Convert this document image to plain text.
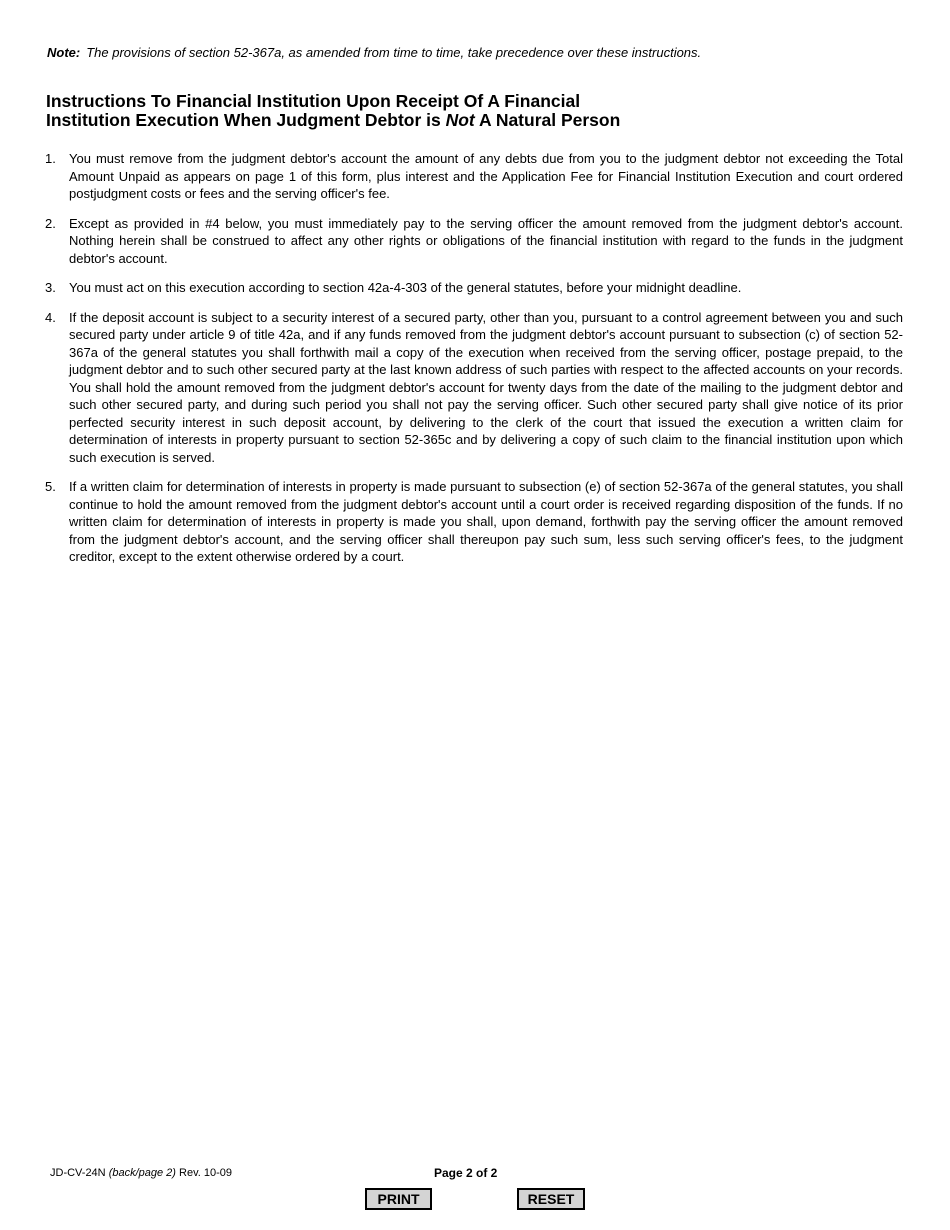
Note: The provisions of section 52-367a, as amended from time to time, take precedence over these instructions.
Instructions To Financial Institution Upon Receipt Of A Financial
Institution Execution When Judgment Debtor is Not A Natural Person
1.	You must remove from the judgment debtor's account the amount of any debts due from you to the judgment debtor not exceeding the Total Amount Unpaid as appears on page 1 of this form, plus interest and the Application Fee for Financial Institution Execution and court ordered postjudgment costs or fees and the serving officer's fee.
2.	Except as provided in #4 below, you must immediately pay to the serving officer the amount removed from the judgment debtor's account. Nothing herein shall be construed to affect any other rights or obligations of the financial institution with regard to the funds in the judgment debtor's account.
3.	You must act on this execution according to section 42a-4-303 of the general statutes, before your midnight deadline.
4.	If the deposit account is subject to a security interest of a secured party, other than you, pursuant to a control agreement between you and such secured party under article 9 of title 42a, and if any funds removed from the judgment debtor's account pursuant to subsection (c) of section 52-367a of the general statutes you shall forthwith mail a copy of the execution when received from the serving officer, postage prepaid, to the judgment debtor and to such other secured party at the last known address of such parties with respect to the affected accounts on your records. You shall hold the amount removed from the judgment debtor's account for twenty days from the date of the mailing to the judgment debtor and such other secured party, and during such period you shall not pay the serving officer. Such other secured party shall give notice of its prior perfected security interest in such deposit account, by delivering to the clerk of the court that issued the execution a written claim for determination of interests in property pursuant to section 52-365c and by delivering a copy of such claim to the financial institution upon which such execution is served.
5.	If a written claim for determination of interests in property is made pursuant to subsection (e) of section 52-367a of the general statutes, you shall continue to hold the amount removed from the judgment debtor's account until a court order is received regarding disposition of the funds. If no written claim for determination of interests in property is made you shall, upon demand, forthwith pay the serving officer the amount removed from the judgment debtor's account, and the serving officer shall thereupon pay such sum, less such serving officer's fees, to the judgment creditor, except to the extent otherwise ordered by a court.
JD-CV-24N (back/page 2) Rev. 10-09	Page 2 of 2
PRINT	RESET
